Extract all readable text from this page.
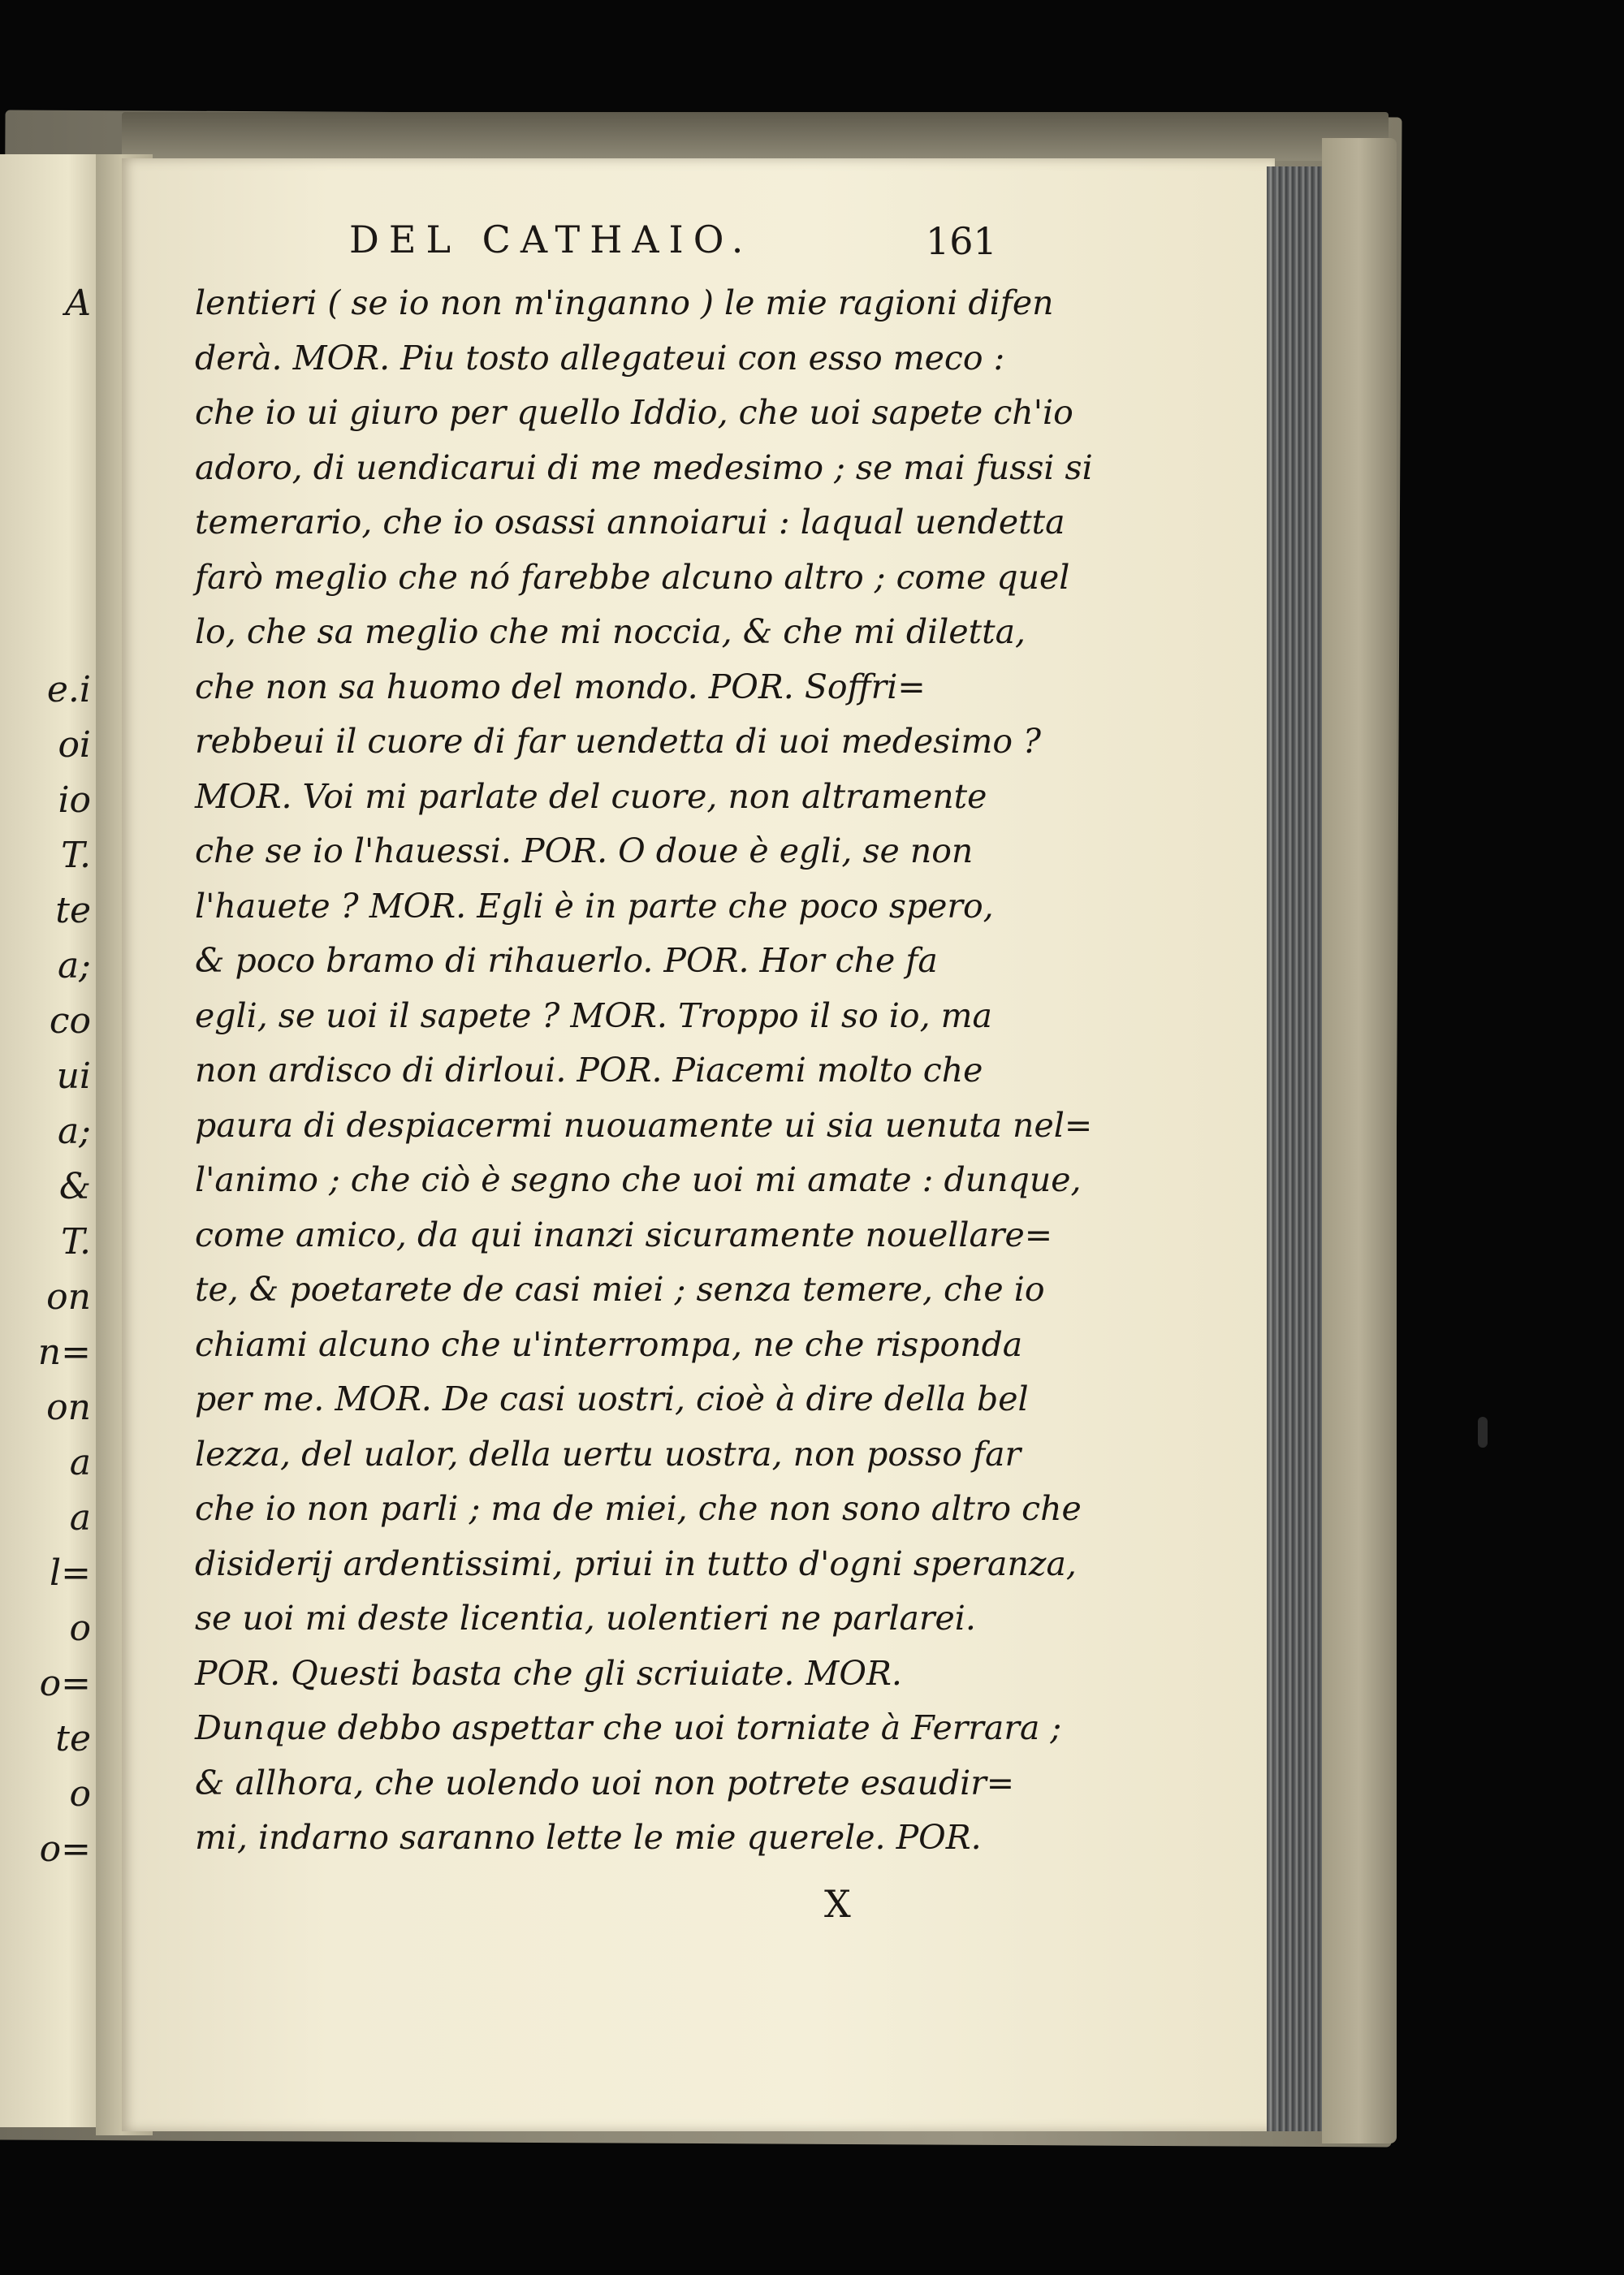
A
e.i
oi
io
T.
te
a;
co
ui
a;
&
T.
on
n=
on
a
a
l=
o
o=
te
o
o=
DEL CATHAIO.	161
lentieri ( se io non m'inganno ) le mie ragioni difen
derà. MOR. Piu tosto allegateui con esso meco :
che io ui giuro per quello Iddio, che uoi sapete ch'io
adoro, di uendicarui di me medesimo ; se mai fussi si
temerario, che io osassi annoiarui : laqual uendetta
farò meglio che nó farebbe alcuno altro ; come quel
lo, che sa meglio che mi noccia, & che mi diletta,
che non sa huomo del mondo. POR. Soffri=
rebbeui il cuore di far uendetta di uoi medesimo ?
MOR. Voi mi parlate del cuore, non altramente
che se io l'hauessi. POR. O doue è egli, se non
l'hauete ? MOR. Egli è in parte che poco spero,
& poco bramo di rihauerlo. POR. Hor che fa
egli, se uoi il sapete ? MOR. Troppo il so io, ma
non ardisco di dirloui. POR. Piacemi molto che
paura di despiacermi nuouamente ui sia uenuta nel=
l'animo ; che ciò è segno che uoi mi amate : dunque,
come amico, da qui inanzi sicuramente nouellare=
te, & poetarete de casi miei ; senza temere, che io
chiami alcuno che u'interrompa, ne che risponda
per me. MOR. De casi uostri, cioè à dire della bel
lezza, del ualor, della uertu uostra, non posso far
che io non parli ; ma de miei, che non sono altro che
disiderij ardentissimi, priui in tutto d'ogni speranza,
se uoi mi deste licentia, uolentieri ne parlarei.
POR. Questi basta che gli scriuiate. MOR.
Dunque debbo aspettar che uoi torniate à Ferrara ;
& allhora, che uolendo uoi non potrete esaudir=
mi, indarno saranno lette le mie querele. POR.
X
